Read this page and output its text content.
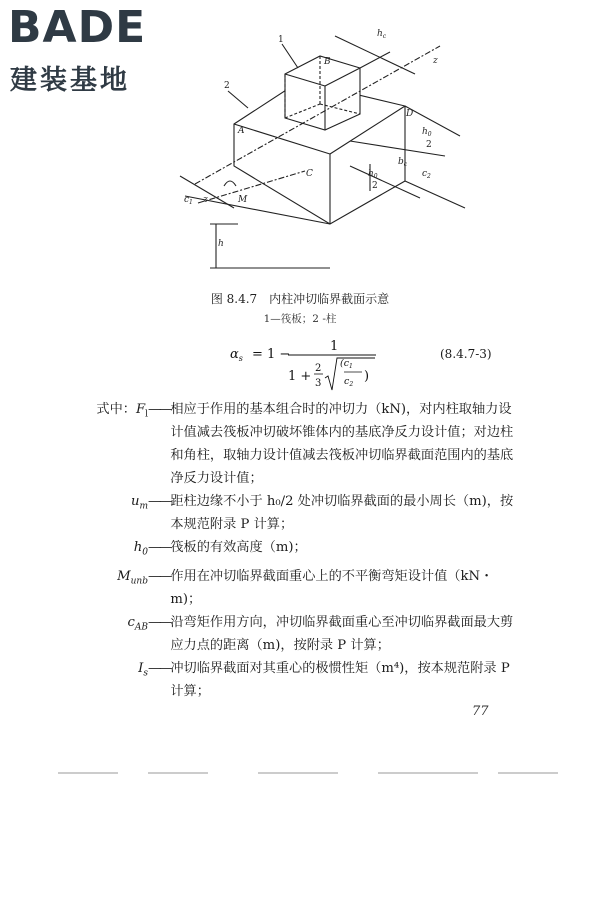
BADE
建装基地
1
2
A
B
C
D
M
h
z
z
$h_c$
$b_c$
$c_1$
$c_2$
$h_0$
2
$h_0$
2
图 8.4.7　内柱冲切临界截面示意
1—筏板；2 -柱
$\alpha_s = 1$ −
1
1 +
2
3
($c_1$
$c_2$
)
(8.4.7-3)
式中：$F_l$ —— 相应于作用的基本组合时的冲切力（kN)，对内柱取轴力设计值减去筏板冲切破坏锥体内的基底净反力设计值；对边柱和角柱，取轴力设计值减去筏板冲切临界截面范围内的基底净反力设计值；
$u_m$ —— 距柱边缘不小于 h₀/2 处冲切临界截面的最小周长（m)，按本规范附录 P 计算；
$h_0$ —— 筏板的有效高度（m)；
$M_{unb}$ —— 作用在冲切临界截面重心上的不平衡弯矩设计值（kN・m)；
$c_{AB}$ —— 沿弯矩作用方向，冲切临界截面重心至冲切临界截面最大剪应力点的距离（m)，按附录 P 计算；
$I_s$ —— 冲切临界截面对其重心的极惯性矩（m⁴)，按本规范附录 P 计算；
77
